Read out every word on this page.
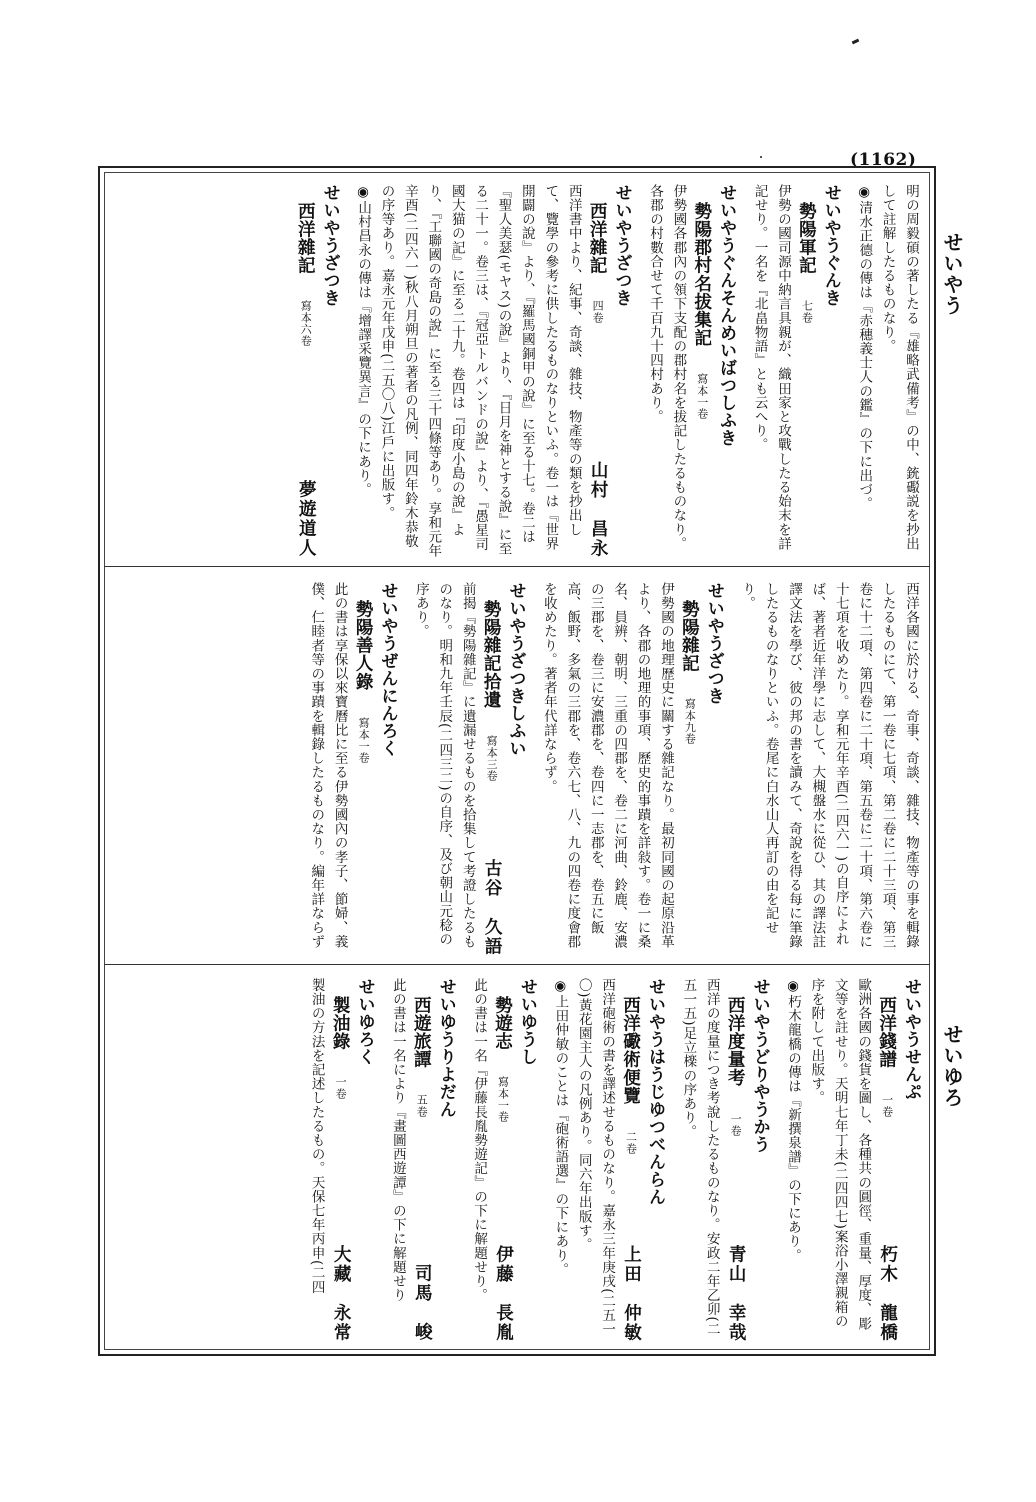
(1162)
せいやう
せいゆろ

明の周毅碩の著したる『雄略武備考』の中、銃礟説を抄出して註解したるものなり。

◉清水正德の傳は『赤穗義士人の鑑』の下に出づ。

せいやうぐんき

勢陽軍記七卷

伊勢の國司源中納言具親が、織田家と攻戰したる始末を詳記せり。一名を『北畠物語』とも云へり。

せいやうぐんそんめいばつしふき

勢陽郡村名拔集記寫本一卷

伊勢國各郡內の領下支配の郡村名を拔記したるものなり。各郡の村數合せて千百九十四村あり。

せいやうざつき

西洋雜記四卷
山村　昌永

西洋書中より、紀事、奇談、雜技、物產等の類を抄出して、覽學の參考に供したるものなりといふ。卷一は『世界開闢の說』より、『羅馬國銅甲の說』に至る十七。卷二は『聖人美瑟(モヤス)の說』より、『日月を神とする說』に至る二十一。卷三は、『冠亞トルバンドの說』より、『愚星司國大猫の記』に至る二十九。卷四は『印度小島の說』より、『工聯國の奇島の說』に至る三十四條等あり。享和元年辛酉(二四六一)秋八月朔旦の著者の凡例、同四年鈴木恭敬の序等あり。嘉永元年戊申(二五〇八)江戶に出版す。

◉山村昌永の傳は『增譯采覽異言』の下にあり。

せいやうざつき

西洋雜記寫本六卷
夢遊道人

西洋各國に於ける、奇事、奇談、雜技、物產等の事を輯錄したるものにて、第一卷に七項、第二卷に二十三項、第三卷に十二項、第四卷に二十項、第五卷に二十項、第六卷に十七項を收めたり。享和元年辛酉(二四六一)の自序によれば、著者近年洋學に志して、大槻盤水に從ひ、其の譯法註譯文法を學び、彼の邦の書を讀みて、奇說を得る每に筆錄したるものなりといふ。卷尾に白水山人再訂の由を記せり。

せいやうざつき

勢陽雜記寫本九卷

伊勢國の地理歷史に關する雜記なり。最初同國の起原沿革より、各郡の地理的事項、歷史的事蹟を詳敍す。卷一に桑名、員辨、朝明、三重の四郡を、卷二に河曲、鈴鹿、安濃の三郡を、卷三に安濃郡を、卷四に一志郡を、卷五に飯高、飯野、多氣の三郡を、卷六七、八、九の四卷に度會郡を收めたり。著者年代詳ならず。

せいやうざつきしふい

勢陽雜記拾遺寫本三卷
古谷　久語

前揭『勢陽雜記』に遺漏せるものを拾集して考證したるものなり。明和九年壬辰(二四三二)の自序、及び朝山元稔の序あり。

せいやうぜんにんろく

勢陽善人錄寫本一卷

此の書は享保以來寶曆比に至る伊勢國內の孝子、節婦、義僕、仁睦者等の事蹟を輯錄したるものなり。編年詳ならず

せいやうせんぷ

西洋錢譜一卷
朽木　龍橋

歐洲各國の錢貨を圖し、各種共の圓徑、重量、厚度、彫文等を註せり。天明七年丁未(二四四七)案浴小澤親箱の序を附して出版す。

◉朽木龍橋の傳は『新撰泉譜』の下にあり。

せいやうどりやうかう

西洋度量考一卷
青山　幸哉

西洋の度量につき考說したるものなり。安政二年乙卯(二五一五)足立檪の序あり。

せいやうはうじゆつべんらん

西洋礮術便覽二卷
上田　仲敏

西洋砲術の書を譯述せるものなり。嘉永三年庚戌(二五一〇)黃花園主人の凡例あり。同六年出版す。

◉上田仲敏のことは『砲術語選』の下にあり。

せいゆうし

勢遊志寫本一卷
伊藤　長胤

此の書は一名『伊藤長胤勢遊記』の下に解題せり。

せいゆうりよだん

西遊旅譚五卷
司馬　峻

此の書は一名により『畫圖西遊譚』の下に解題せり

せいゆろく

製油錄一卷
大藏　永常

製油の方法を記述したるもの。天保七年丙申(二四
